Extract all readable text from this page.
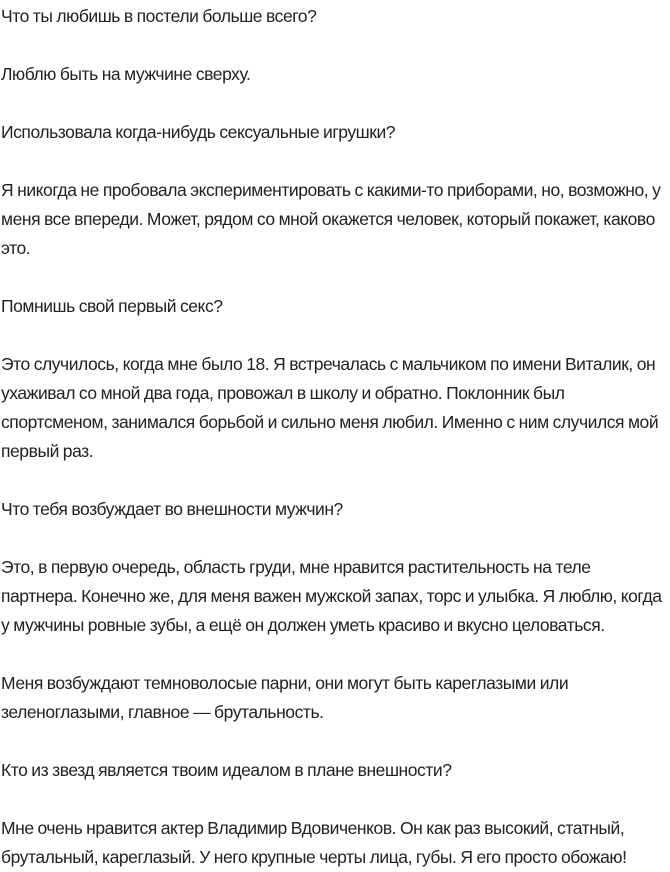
Что ты любишь в постели больше всего?

Люблю быть на мужчине сверху.

Использовала когда-нибудь сексуальные игрушки?

Я никогда не пробовала экспериментировать с какими-то приборами, но, возможно, у меня все впереди. Может, рядом со мной окажется человек, который покажет, каково это.

Помнишь свой первый секс?

Это случилось, когда мне было 18. Я встречалась с мальчиком по имени Виталик, он ухаживал со мной два года, провожал в школу и обратно. Поклонник был спортсменом, занимался борьбой и сильно меня любил. Именно с ним случился мой первый раз.

Что тебя возбуждает во внешности мужчин?

Это, в первую очередь, область груди, мне нравится растительность на теле партнера. Конечно же, для меня важен мужской запах, торс и улыбка. Я люблю, когда у мужчины ровные зубы, а ещё он должен уметь красиво и вкусно целоваться.

Меня возбуждают темноволосые парни, они могут быть кареглазыми или зеленоглазыми, главное — брутальность.

Кто из звезд является твоим идеалом в плане внешности?

Мне очень нравится актер Владимир Вдовиченков. Он как раз высокий, статный, брутальный, кареглазый. У него крупные черты лица, губы. Я его просто обожаю!
